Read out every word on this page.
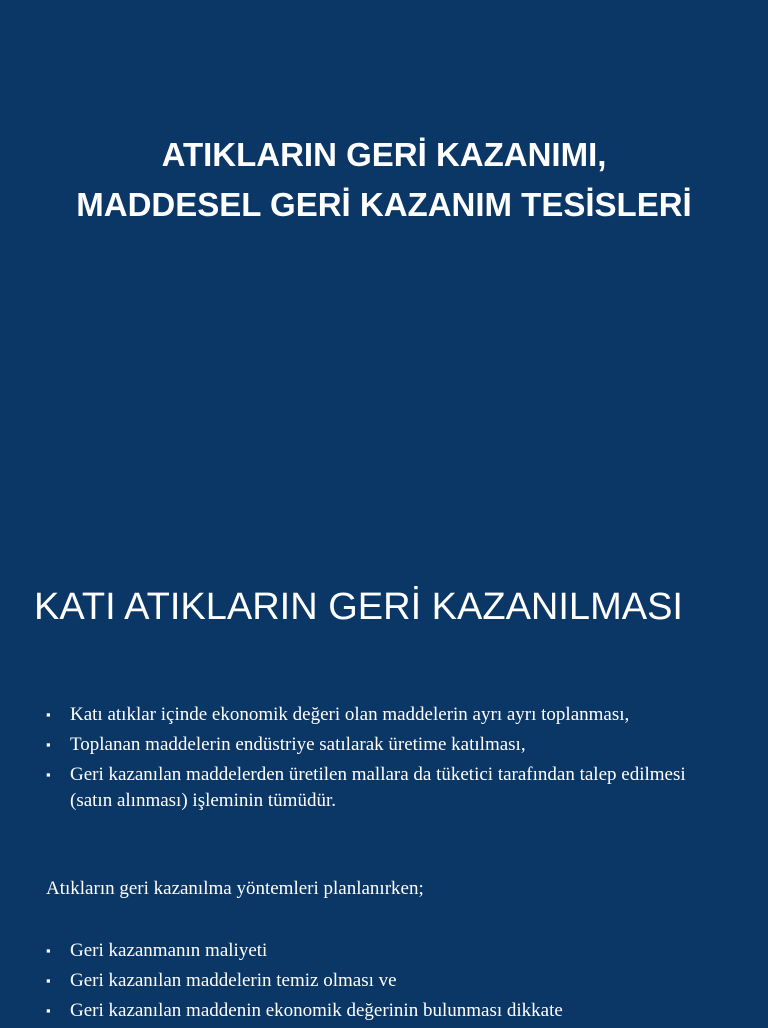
ATIKLARIN GERİ KAZANIMI,
MADDESEL GERİ KAZANIM TESİSLERİ
KATI ATIKLARIN GERİ KAZANILMASI
▪ Katı atıklar içinde ekonomik değeri olan maddelerin ayrı ayrı toplanması,
▪ Toplanan maddelerin endüstriye satılarak üretime katılması,
▪ Geri kazanılan maddelerden üretilen mallara da tüketici tarafından talep edilmesi (satın alınması) işleminin tümüdür.
Atıkların geri kazanılma yöntemleri planlanırken;
▪ Geri kazanmanın maliyeti
▪ Geri kazanılan maddelerin temiz olması ve
▪ Geri kazanılan maddenin ekonomik değerinin bulunması dikkate
